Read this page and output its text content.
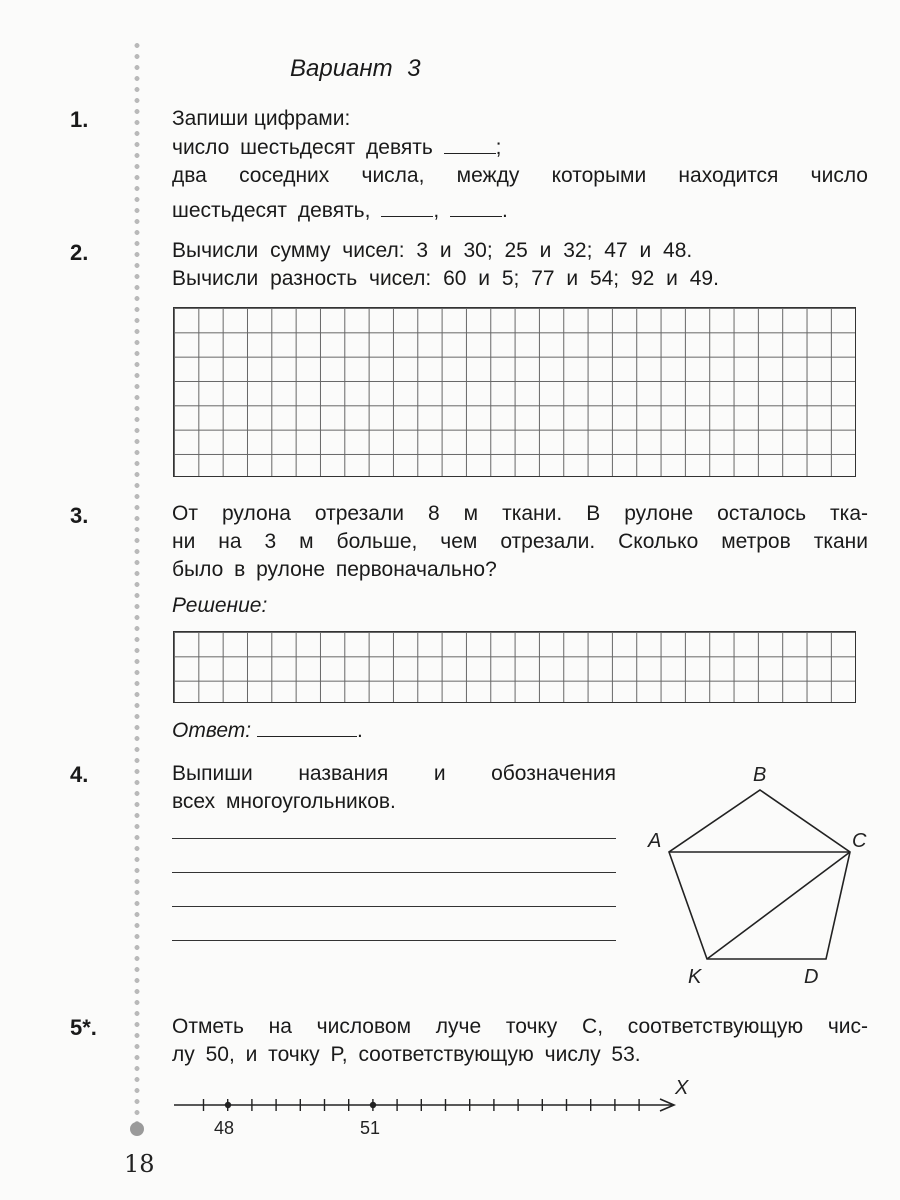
18
Вариант 3
1.	Запиши цифрами:
число шестьдесят девять	;
два соседних числа, между которыми находится число
шестьдесят девять,	,	.
2.	Вычисли сумму чисел: 3 и 30; 25 и 32; 47 и 48.
Вычисли разность чисел: 60 и 5; 77 и 54; 92 и 49.
3.	От рулона отрезали 8 м ткани. В рулоне осталось тка-
ни на 3 м больше, чем отрезали. Сколько метров ткани
было в рулоне первоначально?
Решение:
Ответ:	.
4.	Выпиши названия и обозначения
всех многоугольников.
B
A	C
K	D
5*.	Отметь на числовом луче точку C, соответствующую чис-
лу 50, и точку P, соответствующую числу 53.
X
48	51
